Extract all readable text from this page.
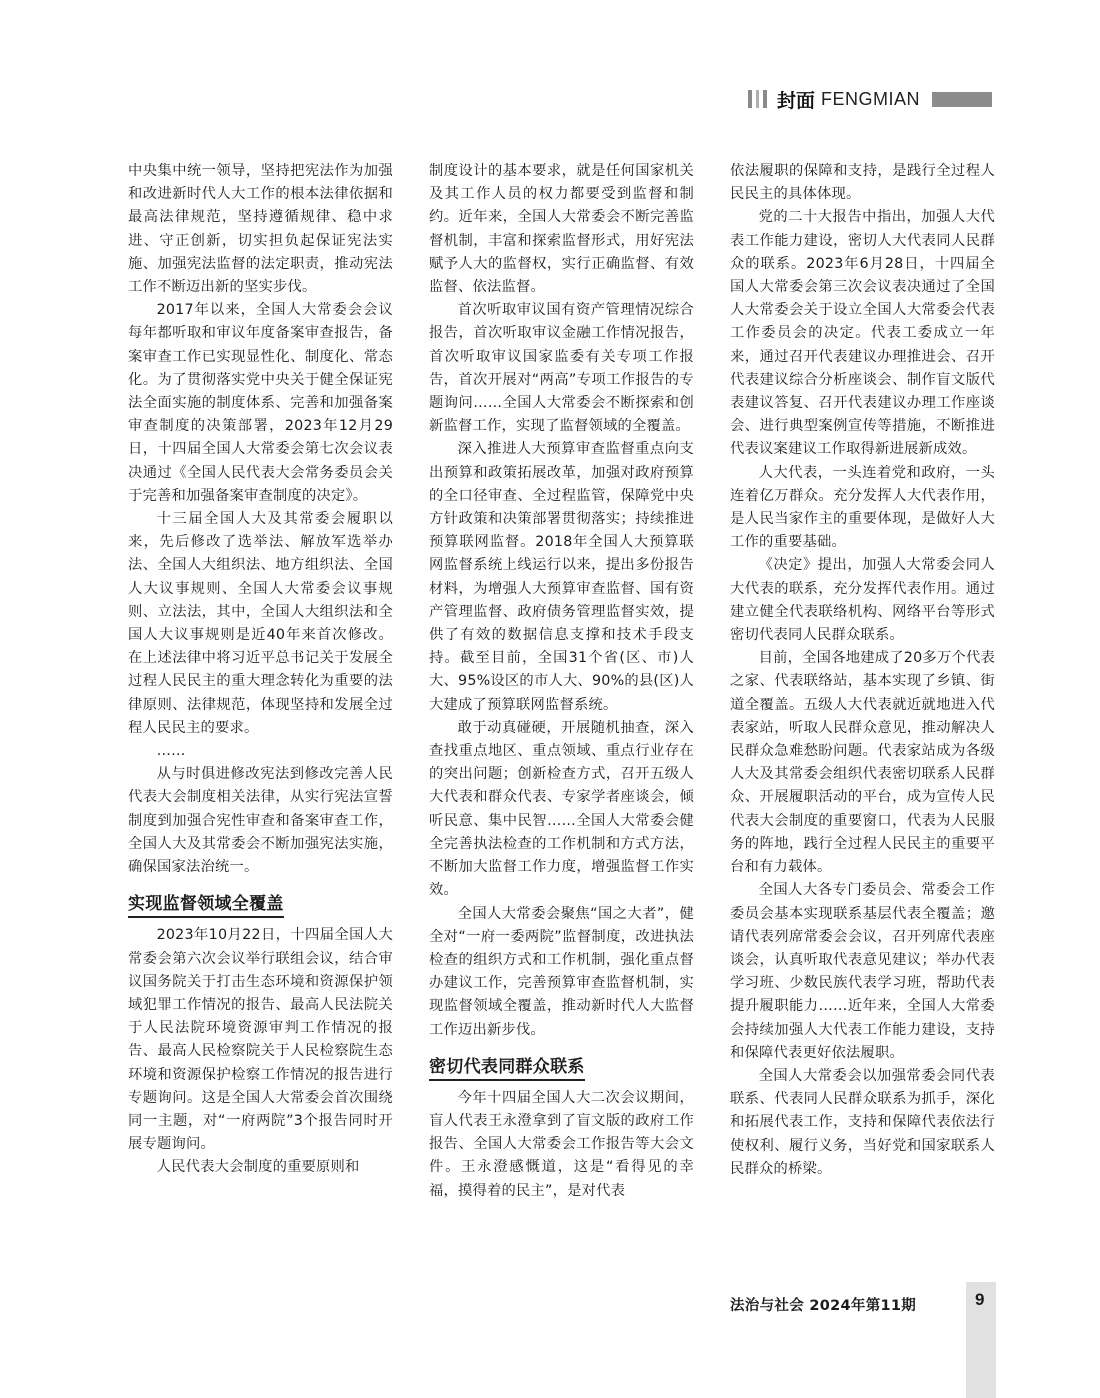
封面 FENGMIAN

中央集中统一领导，坚持把宪法作为加强和改进新时代人大工作的根本法律依据和最高法律规范，坚持遵循规律、稳中求进、守正创新，切实担负起保证宪法实施、加强宪法监督的法定职责，推动宪法工作不断迈出新的坚实步伐。

2017年以来，全国人大常委会会议每年都听取和审议年度备案审查报告，备案审查工作已实现显性化、制度化、常态化。为了贯彻落实党中央关于健全保证宪法全面实施的制度体系、完善和加强备案审查制度的决策部署，2023年12月29日，十四届全国人大常委会第七次会议表决通过《全国人民代表大会常务委员会关于完善和加强备案审查制度的决定》。

十三届全国人大及其常委会履职以来，先后修改了选举法、解放军选举办法、全国人大组织法、地方组织法、全国人大议事规则、全国人大常委会议事规则、立法法，其中，全国人大组织法和全国人大议事规则是近40年来首次修改。在上述法律中将习近平总书记关于发展全过程人民民主的重大理念转化为重要的法律原则、法律规范，体现坚持和发展全过程人民民主的要求。

……

从与时俱进修改宪法到修改完善人民代表大会制度相关法律，从实行宪法宣誓制度到加强合宪性审查和备案审查工作，全国人大及其常委会不断加强宪法实施，确保国家法治统一。

实现监督领域全覆盖

2023年10月22日，十四届全国人大常委会第六次会议举行联组会议，结合审议国务院关于打击生态环境和资源保护领域犯罪工作情况的报告、最高人民法院关于人民法院环境资源审判工作情况的报告、最高人民检察院关于人民检察院生态环境和资源保护检察工作情况的报告进行专题询问。这是全国人大常委会首次围绕同一主题，对“一府两院”3个报告同时开展专题询问。

人民代表大会制度的重要原则和

制度设计的基本要求，就是任何国家机关及其工作人员的权力都要受到监督和制约。近年来，全国人大常委会不断完善监督机制，丰富和探索监督形式，用好宪法赋予人大的监督权，实行正确监督、有效监督、依法监督。

首次听取审议国有资产管理情况综合报告，首次听取审议金融工作情况报告，首次听取审议国家监委有关专项工作报告，首次开展对“两高”专项工作报告的专题询问……全国人大常委会不断探索和创新监督工作，实现了监督领域的全覆盖。

深入推进人大预算审查监督重点向支出预算和政策拓展改革，加强对政府预算的全口径审查、全过程监管，保障党中央方针政策和决策部署贯彻落实；持续推进预算联网监督。2018年全国人大预算联网监督系统上线运行以来，提出多份报告材料，为增强人大预算审查监督、国有资产管理监督、政府债务管理监督实效，提供了有效的数据信息支撑和技术手段支持。截至目前，全国31个省(区、市)人大、95%设区的市人大、90%的县(区)人大建成了预算联网监督系统。

敢于动真碰硬，开展随机抽查，深入查找重点地区、重点领域、重点行业存在的突出问题；创新检查方式，召开五级人大代表和群众代表、专家学者座谈会，倾听民意、集中民智……全国人大常委会健全完善执法检查的工作机制和方式方法，不断加大监督工作力度，增强监督工作实效。

全国人大常委会聚焦“国之大者”，健全对“一府一委两院”监督制度，改进执法检查的组织方式和工作机制，强化重点督办建议工作，完善预算审查监督机制，实现监督领域全覆盖，推动新时代人大监督工作迈出新步伐。

密切代表同群众联系

今年十四届全国人大二次会议期间，盲人代表王永澄拿到了盲文版的政府工作报告、全国人大常委会工作报告等大会文件。王永澄感慨道，这是“看得见的幸福，摸得着的民主”，是对代表

依法履职的保障和支持，是践行全过程人民民主的具体体现。

党的二十大报告中指出，加强人大代表工作能力建设，密切人大代表同人民群众的联系。2023年6月28日，十四届全国人大常委会第三次会议表决通过了全国人大常委会关于设立全国人大常委会代表工作委员会的决定。代表工委成立一年来，通过召开代表建议办理推进会、召开代表建议综合分析座谈会、制作盲文版代表建议答复、召开代表建议办理工作座谈会、进行典型案例宣传等措施，不断推进代表议案建议工作取得新进展新成效。

人大代表，一头连着党和政府，一头连着亿万群众。充分发挥人大代表作用，是人民当家作主的重要体现，是做好人大工作的重要基础。

《决定》提出，加强人大常委会同人大代表的联系，充分发挥代表作用。通过建立健全代表联络机构、网络平台等形式密切代表同人民群众联系。

目前，全国各地建成了20多万个代表之家、代表联络站，基本实现了乡镇、街道全覆盖。五级人大代表就近就地进入代表家站，听取人民群众意见，推动解决人民群众急难愁盼问题。代表家站成为各级人大及其常委会组织代表密切联系人民群众、开展履职活动的平台，成为宣传人民代表大会制度的重要窗口，代表为人民服务的阵地，践行全过程人民民主的重要平台和有力载体。

全国人大各专门委员会、常委会工作委员会基本实现联系基层代表全覆盖；邀请代表列席常委会会议，召开列席代表座谈会，认真听取代表意见建议；举办代表学习班、少数民族代表学习班，帮助代表提升履职能力……近年来，全国人大常委会持续加强人大代表工作能力建设，支持和保障代表更好依法履职。

全国人大常委会以加强常委会同代表联系、代表同人民群众联系为抓手，深化和拓展代表工作，支持和保障代表依法行使权利、履行义务，当好党和国家联系人民群众的桥梁。

法治与社会 2024年第11期	9
